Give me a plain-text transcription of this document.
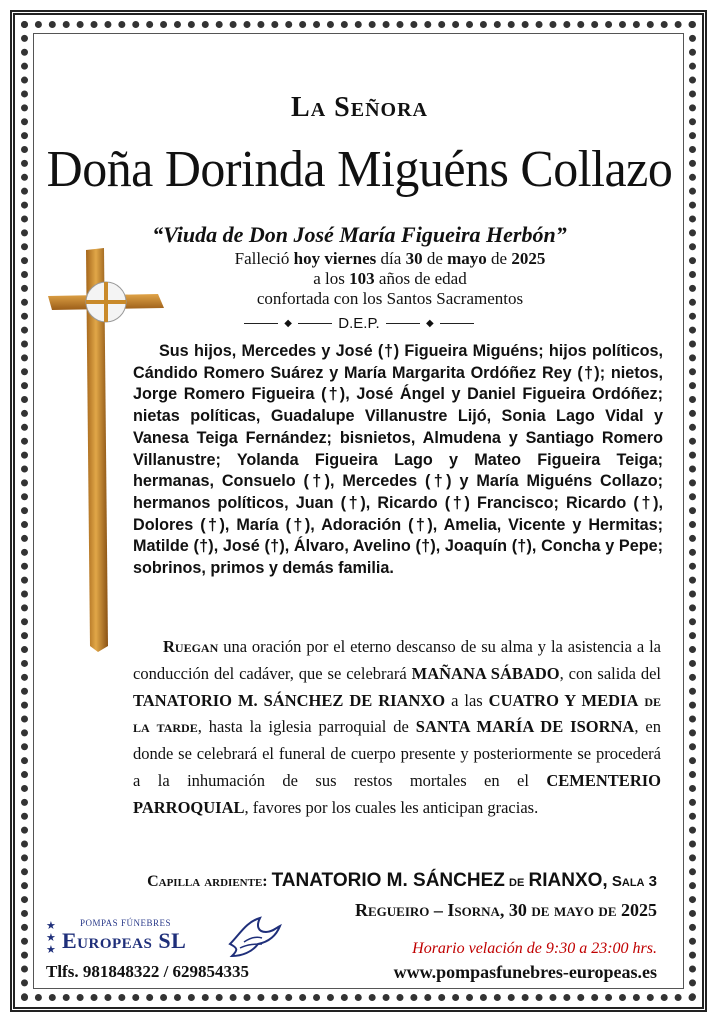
La Señora
Doña Dorinda Miguéns Collazo
“Viuda de Don José María Figueira Herbón”
Falleció hoy viernes día 30 de mayo de 2025
a los 103 años de edad
confortada con los Santos Sacramentos
◆	D.E.P.	◆

Sus hijos, Mercedes y José (†) Figueira Miguéns; hijos políticos, Cándido Romero Suárez y María Margarita Ordóñez Rey (†); nietos, Jorge Romero Figueira (†), José Ángel y Daniel Figueira Ordóñez; nietas políticas, Guadalupe Villanustre Lijó, Sonia Lago Vidal y Vanesa Teiga Fernández; bisnietos, Almudena y Santiago Romero Villanustre; Yolanda Figueira Lago y Mateo Figueira Teiga; hermanas, Consuelo (†), Mercedes (†) y María Miguéns Collazo; hermanos políticos, Juan (†), Ricardo (†) Francisco; Ricardo (†), Dolores (†), María (†), Adoración (†), Amelia, Vicente y Hermitas; Matilde (†), José (†), Álvaro, Avelino (†), Joaquín (†), Concha y Pepe; sobrinos, primos y demás familia.

Ruegan una oración por el eterno descanso de su alma y la asistencia a la conducción del cadáver, que se celebrará MAÑANA SÁBADO, con salida del TANATORIO M. SÁNCHEZ DE RIANXO a las CUATRO Y MEDIA de la tarde, hasta la iglesia parroquial de SANTA MARÍA DE ISORNA, en donde se celebrará el funeral de cuerpo presente y posteriormente se procederá a la inhumación de sus restos mortales en el CEMENTERIO PARROQUIAL, favores por los cuales les anticipan gracias.

Capilla ardiente: TANATORIO M. SÁNCHEZ de RIANXO, Sala 3
Regueiro – Isorna, 30 de mayo de 2025
★ ★ ★
POMPAS FÚNEBRES
Europeas SL	Horario velación de 9:30 a 23:00 hrs.
Tlfs. 981848322 / 629854335	www.pompasfunebres-europeas.es
